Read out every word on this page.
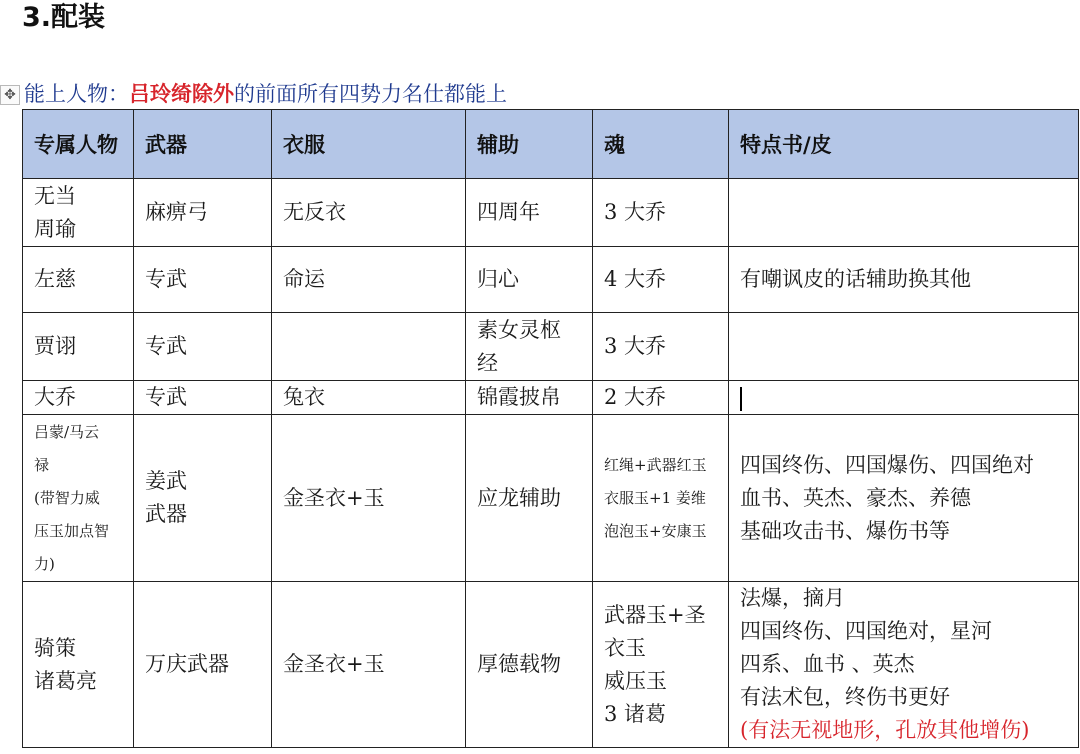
3.配装
✥ 能上人物：吕玲绮除外的前面所有四势力名仕都能上
专属人物	武器	衣服	辅助	魂	特点书/皮

无当
周瑜	麻痹弓	无反衣	四周年	3 大乔	
左慈	专武	命运	归心	4 大乔	有嘲讽皮的话辅助换其他
贾诩	专武		素女灵枢
经	3 大乔	
大乔	专武	兔衣	锦霞披帛	2 大乔	

吕蒙/马云
禄
(带智力威
压玉加点智
力)	姜武
武器	金圣衣+玉	应龙辅助	红绳+武器红玉
衣服玉+1 姜维
泡泡玉+安康玉	四国终伤、四国爆伤、四国绝对
血书、英杰、豪杰、养德
基础攻击书、爆伤书等

骑策
诸葛亮	万庆武器	金圣衣+玉	厚德载物	武器玉+圣
衣玉
威压玉
3 诸葛	法爆，摘月
四国终伤、四国绝对，星河
四系、血书 、英杰
有法术包，终伤书更好
(有法无视地形，孔放其他增伤)
